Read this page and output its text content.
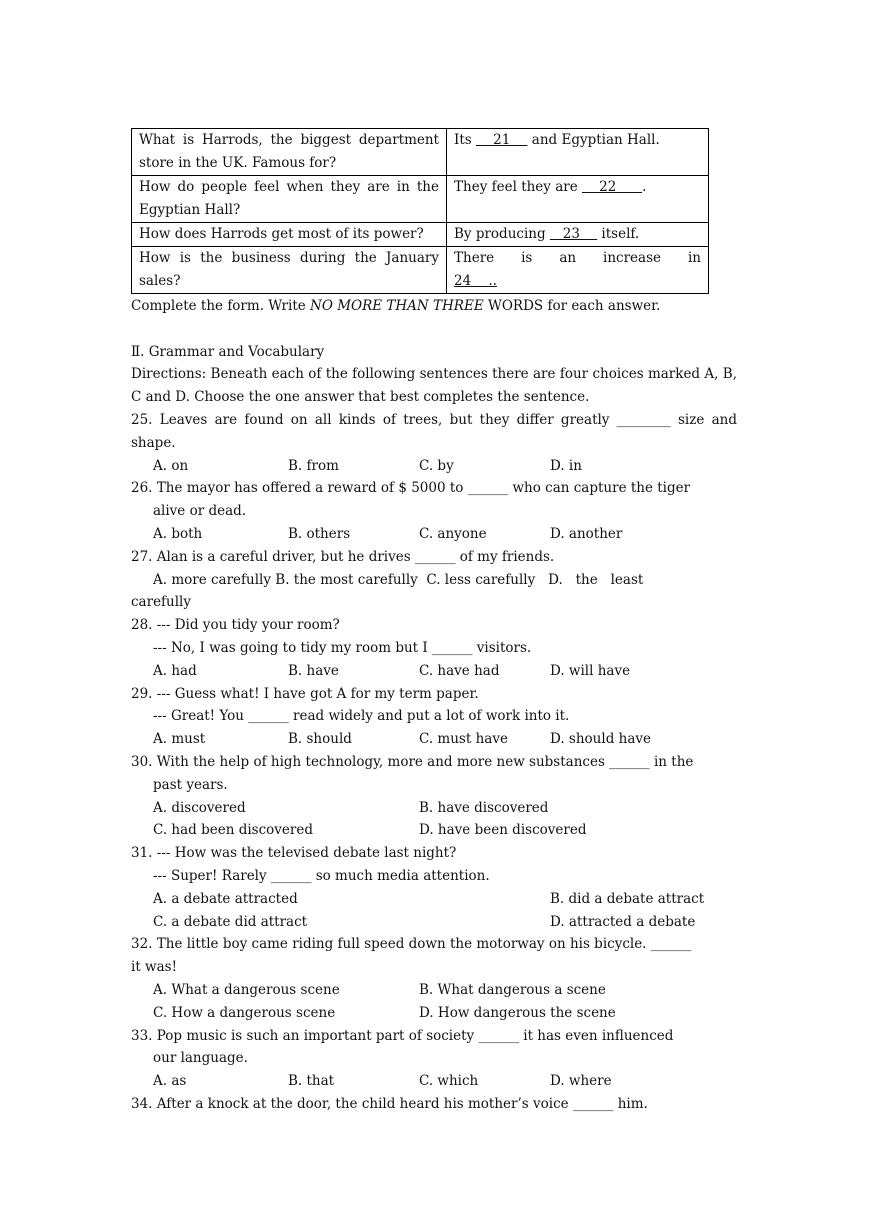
What is Harrods, the biggest department store in the UK. Famous for?	Its     21     and Egyptian Hall.
How do people feel when they are in the Egyptian Hall?	They feel they are     22      .
How does Harrods get most of its power?	By producing    23     itself.
How is the business during the January sales?	There is an increase in 24    ..
Complete the form. Write NO MORE THAN THREE WORDS for each answer.
Ⅱ. Grammar and Vocabulary
Directions: Beneath each of the following sentences there are four choices marked A, B, C and D. Choose the one answer that best completes the sentence.
25. Leaves are found on all kinds of trees, but they differ greatly ________ size and shape.
A. on	B. from	C. by	D. in
26. The mayor has offered a reward of $ 5000 to ______ who can capture the tiger
alive or dead.
A. both	B. others	C. anyone	D. another
27. Alan is a careful driver, but he drives ______ of my friends.
A. more carefully B. the most carefully  C. less carefully   D.   the   least
carefully
28. --- Did you tidy your room?
--- No, I was going to tidy my room but I ______ visitors.
A. had	B. have	C. have had	D. will have
29. --- Guess what! I have got A for my term paper.
--- Great! You ______ read widely and put a lot of work into it.
A. must	B. should	C. must have	D. should have
30. With the help of high technology, more and more new substances ______ in the
past years.
A. discovered	B. have discovered
C. had been discovered	D. have been discovered
31. --- How was the televised debate last night?
--- Super! Rarely ______ so much media attention.
A. a debate attracted	B. did a debate attract
C. a debate did attract	D. attracted a debate
32. The little boy came riding full speed down the motorway on his bicycle. ______
it was!
A. What a dangerous scene	B. What dangerous a scene
C. How a dangerous scene	D. How dangerous the scene
33. Pop music is such an important part of society ______ it has even influenced
our language.
A. as	B. that	C. which	D. where
34. After a knock at the door, the child heard his mother’s voice ______ him.
